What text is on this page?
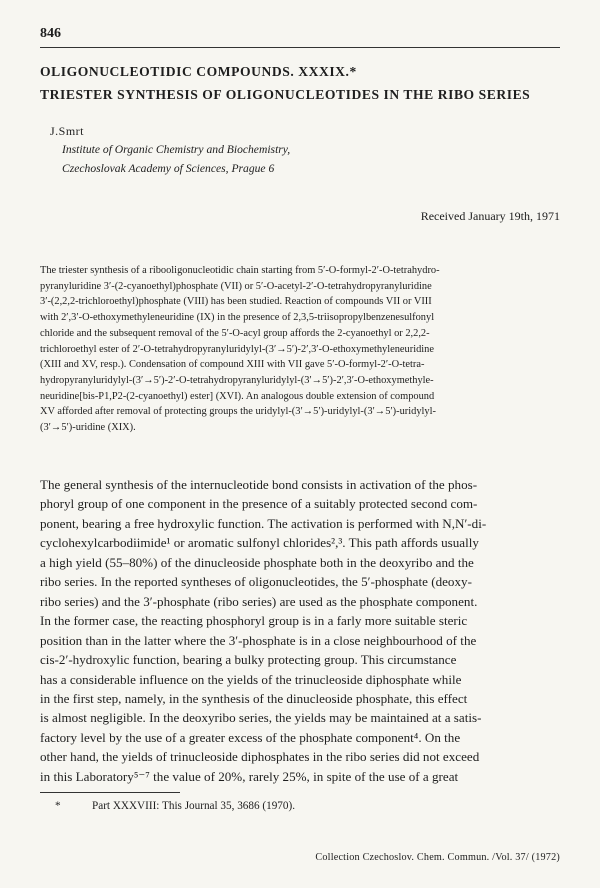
846
OLIGONUCLEOTIDIC COMPOUNDS. XXXIX.*
TRIESTER SYNTHESIS OF OLIGONUCLEOTIDES IN THE RIBO SERIES
J.Smrt
Institute of Organic Chemistry and Biochemistry,
Czechoslovak Academy of Sciences, Prague 6
Received January 19th, 1971
The triester synthesis of a ribooligonucleotidic chain starting from 5′-O-formyl-2′-O-tetrahydro-
pyranyluridine 3′-(2-cyanoethyl)phosphate (VII) or 5′-O-acetyl-2′-O-tetrahydropyranyluridine
3′-(2,2,2-trichloroethyl)phosphate (VIII) has been studied. Reaction of compounds VII or VIII
with 2′,3′-O-ethoxymethyleneuridine (IX) in the presence of 2,3,5-triisopropylbenzenesulfonyl
chloride and the subsequent removal of the 5′-O-acyl group affords the 2-cyanoethyl or 2,2,2-
trichloroethyl ester of 2′-O-tetrahydropyranyluridylyl-(3′→5′)-2′,3′-O-ethoxymethyleneuridine
(XIII and XV, resp.). Condensation of compound XIII with VII gave 5′-O-formyl-2′-O-tetra-
hydropyranyluridylyl-(3′→5′)-2′-O-tetrahydropyranyluridylyl-(3′→5′)-2′,3′-O-ethoxymethyle-
neuridine[bis-P1,P2-(2-cyanoethyl) ester] (XVI). An analogous double extension of compound
XV afforded after removal of protecting groups the uridylyl-(3′→5′)-uridylyl-(3′→5′)-uridylyl-
(3′→5′)-uridine (XIX).
The general synthesis of the internucleotide bond consists in activation of the phos-
phoryl group of one component in the presence of a suitably protected second com-
ponent, bearing a free hydroxylic function. The activation is performed with N,N′-di-
cyclohexylcarbodiimide¹ or aromatic sulfonyl chlorides²,³. This path affords usually
a high yield (55–80%) of the dinucleoside phosphate both in the deoxyribo and the
ribo series. In the reported syntheses of oligonucleotides, the 5′-phosphate (deoxy-
ribo series) and the 3′-phosphate (ribo series) are used as the phosphate component.
In the former case, the reacting phosphoryl group is in a farly more suitable steric
position than in the latter where the 3′-phosphate is in a close neighbourhood of the
cis-2′-hydroxylic function, bearing a bulky protecting group. This circumstance
has a considerable influence on the yields of the trinucleoside diphosphate while
in the first step, namely, in the synthesis of the dinucleoside phosphate, this effect
is almost negligible. In the deoxyribo series, the yields may be maintained at a satis-
factory level by the use of a greater excess of the phosphate component⁴. On the
other hand, the yields of trinucleoside diphosphates in the ribo series did not exceed
in this Laboratory⁵⁻⁷ the value of 20%, rarely 25%, in spite of the use of a great
*	Part XXXVIII: This Journal 35, 3686 (1970).
Collection Czechoslov. Chem. Commun. /Vol. 37/ (1972)
